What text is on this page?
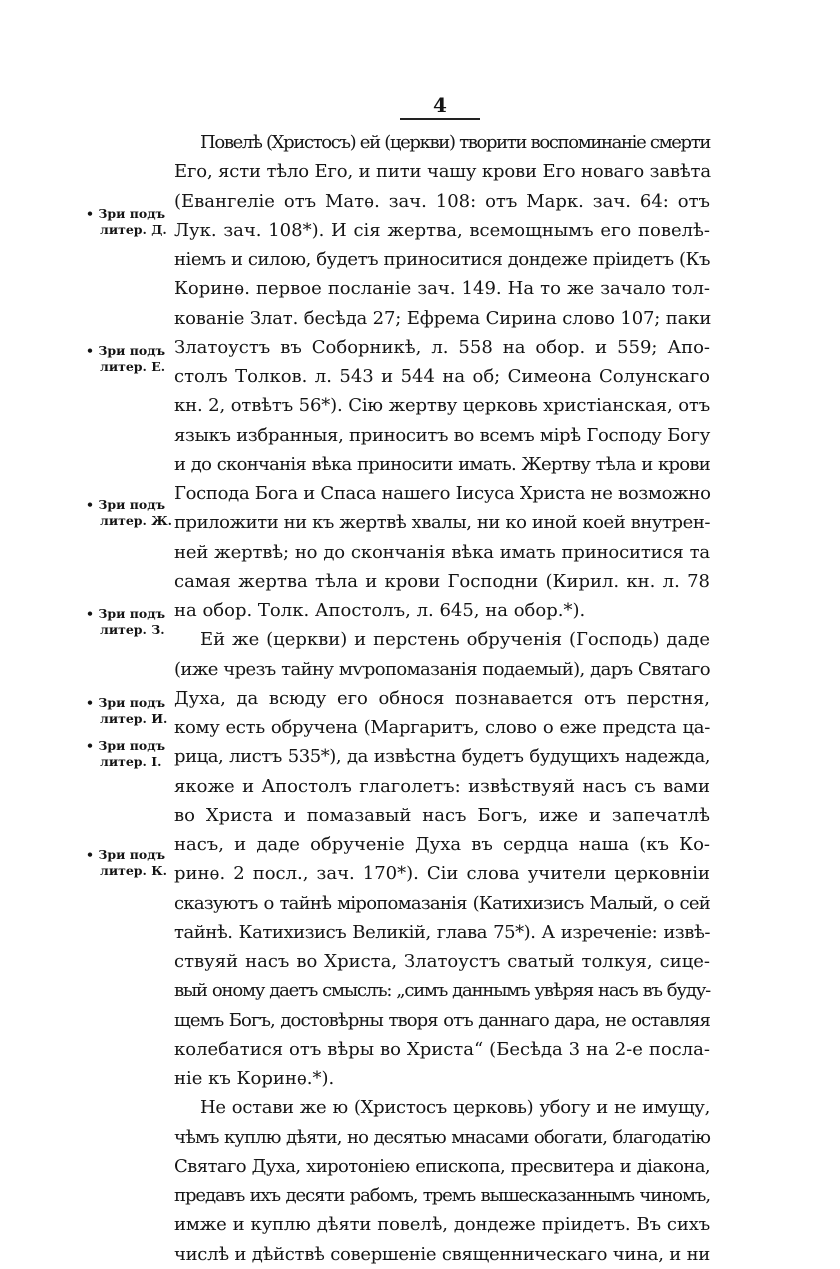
4
Повелѣ (Христосъ) ей (церкви) творити воспоминаніе смерти
Его, ясти тѣло Его, и пити чашу крови Его новаго завѣта
(Евангеліе отъ Матѳ. зач. 108: отъ Марк. зач. 64: отъ
Лук. зач. 108*). И сія жертва, всемощнымъ его повелѣ-
ніемъ и силою, будетъ приноситися дондеже пріидетъ (Къ
Коринѳ. первое посланіе зач. 149. На то же зачало тол-
кованіе Злат. бесѣда 27; Ефрема Сирина слово 107; паки
Златоустъ въ Соборникѣ, л. 558 на обор. и 559; Апо-
столъ Толков. л. 543 и 544 на об; Симеона Солунскаго
кн. 2, отвѣтъ 56*). Сію жертву церковь христіанская, отъ
языкъ избранныя, приноситъ во всемъ мірѣ Господу Богу
и до скончанія вѣка приносити имать. Жертву тѣла и крови
Господа Бога и Спаса нашего Іисуса Христа не возможно
приложити ни къ жертвѣ хвалы, ни ко иной коей внутрен-
ней жертвѣ; но до скончанія вѣка имать приноситися та
самая жертва тѣла и крови Господни (Кирил. кн. л. 78
на обор. Толк. Апостолъ, л. 645, на обор.*).
Ей же (церкви) и перстень обрученія (Господь) даде
(иже чрезъ тайну мѵропомазанія подаемый), даръ Святаго
Духа, да всюду его обнося познавается отъ перстня,
кому есть обручена (Маргаритъ, слово о еже предста ца-
рица, листъ 535*), да извѣстна будетъ будущихъ надежда,
якоже и Апостолъ глаголетъ: извѣствуяй насъ съ вами
во Христа и помазавый насъ Богъ, иже и запечатлѣ
насъ, и даде обрученіе Духа въ сердца наша (къ Ко-
ринѳ. 2 посл., зач. 170*). Сіи слова учители церковніи
сказуютъ о тайнѣ міропомазанія (Катихизисъ Малый, о сей
тайнѣ. Катихизисъ Великій, глава 75*). А изреченіе: извѣ-
ствуяй насъ во Христа, Златоустъ сватый толкуя, сице-
вый оному даетъ смыслъ: „симъ даннымъ увѣряя насъ въ буду-
щемъ Богъ, достовѣрны творя отъ даннаго дара, не оставляя
колебатися отъ вѣры во Христа“ (Бесѣда 3 на 2-е посла-
ніе къ Коринѳ.*).
Не остави же ю (Христосъ церковь) убогу и не имущу,
чѣмъ куплю дѣяти, но десятью мнасами обогати, благодатію
Святаго Духа, хиротоніею епископа, пресвитера и діакона,
предавъ ихъ десяти рабомъ, тремъ вышесказаннымъ чиномъ,
имже и куплю дѣяти повелѣ, дондеже пріидетъ. Въ сихъ
числѣ и дѣйствѣ совершеніе священническаго чина, и ни
• Зри подъ
литер. Д.
• Зри подъ
литер. Е.
• Зри подъ
литер. Ж.
• Зри подъ
литер. З.
• Зри подъ
литер. И.
• Зри подъ
литер. І.
• Зри подъ
литер. К.
